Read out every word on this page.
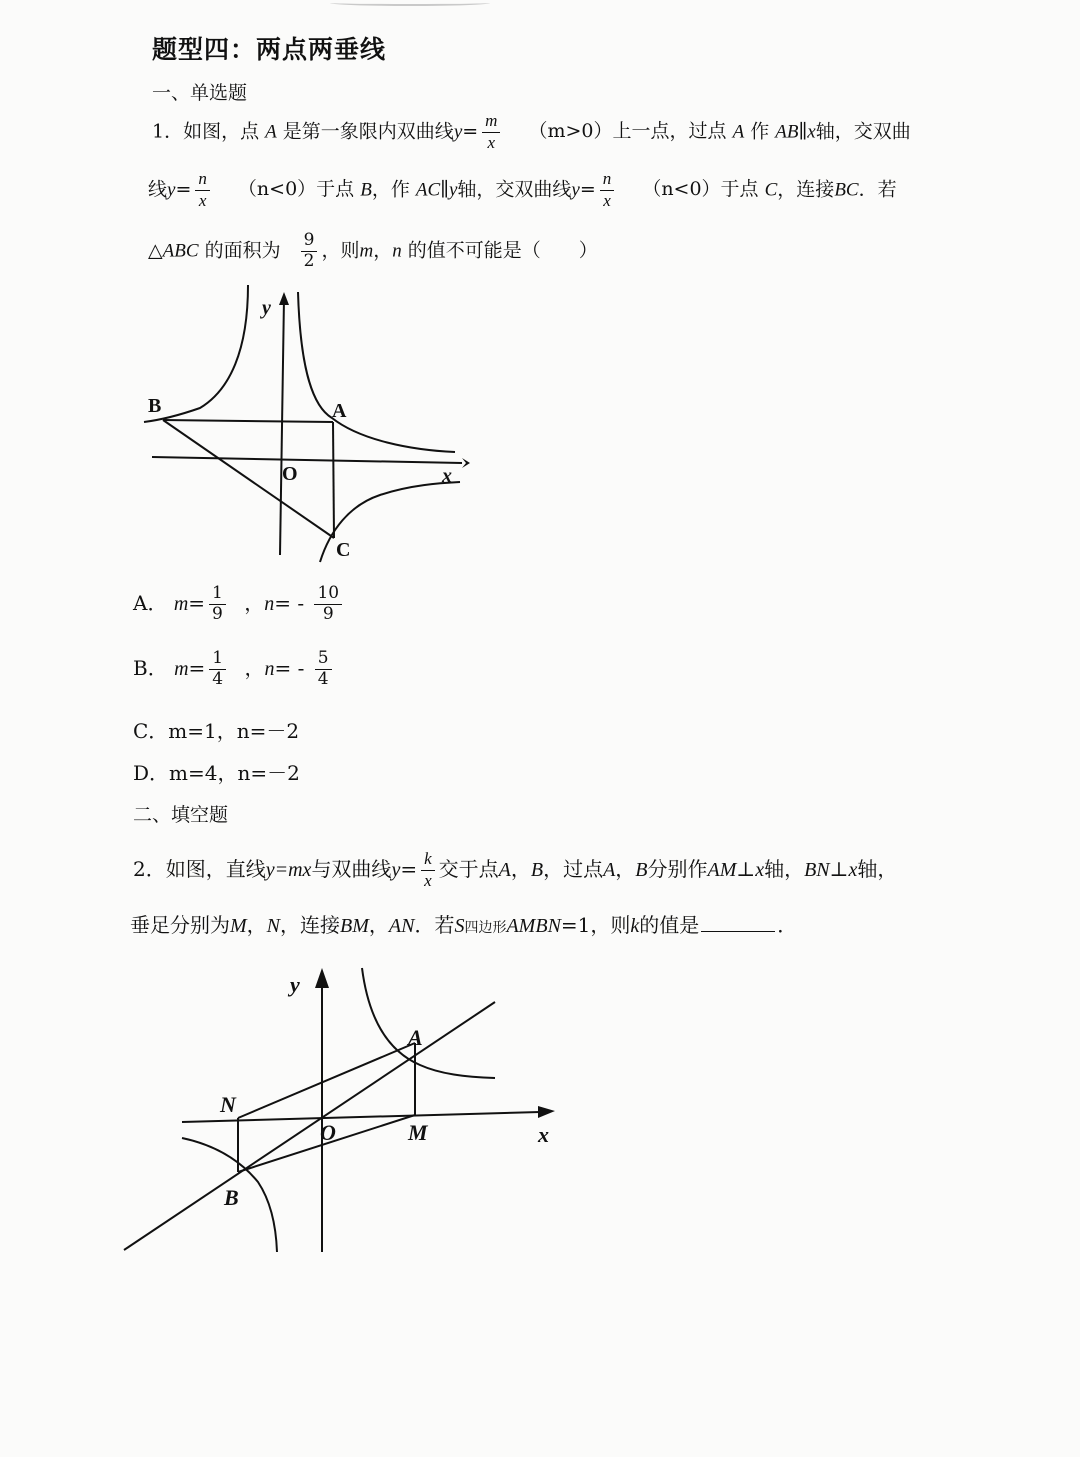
题型四：两点两垂线
一、单选题
1．如图，点 A 是第一象限内双曲线$y= \frac{m}{x} (m>0)$上一点，过点 A 作 AB∥x轴，交双曲
线$y= \frac{n}{x} (n<0)$于点 B，作 AC∥y轴，交双曲线$y= \frac{n}{x} (n<0)$于点 C，连接BC．若
△ABC 的面积为 $\frac{9}{2}$ ，则m，n 的值不可能是（　　）
y
B	A
O	x
C
A． $m= \frac{1}{9}$ ，$n= - \frac{10}{9}$
B． $m= \frac{1}{4}$ ，$n= - \frac{5}{4}$
C．m=1，n=－2
D．m=4，n=－2
二、填空题
2．如图，直线y=mx与双曲线$y= \frac{k}{x}$ 交于点A，B，过点A，B分别作AM⊥x轴，BN⊥x轴，
垂足分别为M，N，连接BM，AN．若S四边形AMBN=1，则k的值是	．
y
A
N
O	M	x
B
